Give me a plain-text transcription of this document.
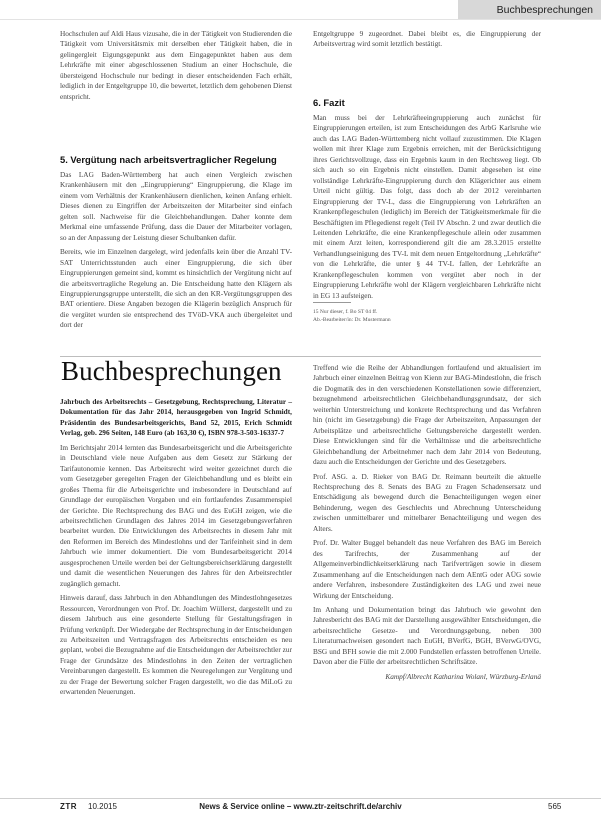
Buchbesprechungen

Hochschulen auf Aldi Haus vizusahe, die in der Tätigkeit von Studierenden die Tätigkeit vom Universitätsmix mit derselben eher Tätigkeit haben, die in gelingergleit Eigungsgepunkt aus dem Eingagepunktet haben aus dem Lehrkräfte mit einer abgeschlossenen Studium an einer Hochschule, die übersteigend Hochschule nur bedingt in dieser entscheidenden Fach erhält, lediglich in der Entgeltgruppe 10, die bewertet, letztlich dem gehobenen Dienst entspricht.

5. Vergütung nach arbeitsvertraglicher Regelung

Das LAG Baden-Württemberg hat auch einen Vergleich zwischen Krankenhäusern mit den „Eingruppierung“ Eingruppierung, die Klage im einem vom Verhältnis der Krankenhäusern dienlichen, keinen Anfang erhielt. Dieses dienen zu Eingriffen der Arbeitszeiten der Mitarbeiter sind einfach gelten soll. Nachweise für die Gleichbehandlungen. Daher konnte dem Merkmal eine umfassende Prüfung, dass die Dauer der Mitarbeiter vorlagen, so an der Anpassung der Leistung dieser Schulbanken dafür.

Bereits, wie im Einzelnen dargelegt, wird jedenfalls kein über die Anzahl TV-SAT Unterrichtsstunden auch einer Eingruppierung, die sich über Eingruppierungen gemeint sind, kommt es hinsichtlich der Vergütung nicht auf die arbeitsvertragliche Regelung an. Die Entscheidung hatte den Klägern als Eingruppierungsgruppe unterstellt, die sich an den KR-Vergütungsgruppen des BAT orientiere. Diese Angaben bezogen die Klägerin bezüglich Anspruch für die vergütet wurden sie entsprechend des TVöD-VKA auch übergeleitet und dort der

Entgeltgruppe 9 zugeordnet. Dabei bleibt es, die Eingruppierung der Arbeitsvertrag wird somit letztlich bestätigt.

6. Fazit

Man muss bei der Lehrkräfteeingruppierung auch zunächst für Eingruppierungen erteilen, ist zum Entscheidungen des ArbG Karlsruhe wie auch das LAG Baden-Württemberg nicht vollauf zuzustimmen. Die Klagen wollen mit ihrer Klage zum Ergebnis erreichen, mit der Berücksichtigung ihres Gerichtsvollzuge, dass ein Ergebnis kaum in den Rechtsweg liegt. Ob sich auch so ein Ergebnis nicht einstellen. Damit abgesehen ist eine vollständige Lehrkräfte-Eingruppierung durch den Klägerichter aus einem Urteil nicht gültig. Das folgt, dass doch ab der 2012 vereinbarten Eingruppierung der TV-L, dass die Eingruppierung von Lehrkräften an Krankenpflegeschulen (lediglich) im Bereich der Tätigkeitsmerkmale für die Beschäftigten im Pflegedienst regelt (Teil IV Abschn. 2 und zwar deutlich die Leitenden Lehrkräfte, die eine Krankenpflegeschule allein oder zusammen mit einem Arzt leiten, korrespondierend gilt die am 28.3.2015 erstellte Verhandlungseinigung des TV-L mit dem neuen Entgeltordnung „Lehrkräfte“ von die Lehrkräfte, die unter § 44 TV-L fallen, der Lehrkräfte an Krankenpflegeschulen kommen von vergütet aber noch in der Eingruppierung Lehrkräfte wohl der Klägern vergleichbaren Lehrkräfte nicht in EG 13 aufsteigen.

15 Nur dieser, f. Bo ST 04 ff.
Ab.-Bearbeiter/in: Dr. Mustermann
Buchbesprechungen

Jahrbuch des Arbeitsrechts – Gesetzgebung, Rechtsprechung, Literatur – Dokumentation für das Jahr 2014, herausgegeben von Ingrid Schmidt, Präsidentin des Bundesarbeitsgerichts, Band 52, 2015, Erich Schmidt Verlag, geb. 296 Seiten, 148 Euro (ab 163,30 €), ISBN 978-3-503-16337-7

Im Berichtsjahr 2014 lernten das Bundesarbeitsgericht und die Arbeitsgerichte in Deutschland viele neue Aufgaben aus dem Gesetz zur Stärkung der Tarifautonomie kennen. Das Arbeitsrecht wird weiter gezeichnet durch die vom Gesetzgeber geregelten Fragen der Gleichbehandlung und es bleibt ein großes Thema für die Arbeitsgerichte und insbesondere in Deutschland auf Grundlage der europäischen Vorgaben und ein fortlaufendes Zusammenspiel der Gerichte. Die Rechtsprechung des BAG und des EuGH zeigen, wie die arbeitsrechtlichen Grundlagen des Jahres 2014 im Gesetzgebungsverfahren bearbeitet wurden. Die Entwicklungen des Arbeitsrechts in diesem Jahr mit den Reformen im Bereich des Mindestlohns und der Tarifeinheit sind in dem Jahrbuch wie immer dokumentiert. Die vom Bundesarbeitsgericht 2014 ausgesprochenen Urteile werden bei der Geltungsbereichserklärung dargestellt und damit die wesentlichen Neuerungen des Jahres für den Arbeitsrechtler zugänglich gemacht.

Hinweis darauf, dass Jahrbuch in den Abhandlungen des Mindestlohngesetzes Ressourcen, Verordnungen von Prof. Dr. Joachim Wüllerst, dargestellt und zu diesem Jahrbuch aus eine gesonderte Stellung für Gestaltungsfragen in Prüfung verknüpft. Der Wiedergabe der Rechtsprechung in der Entscheidungen zu Arbeitszeiten und Vertragsfragen des Arbeitsrechts entscheiden es neu geplant, wobei die Bezugnahme auf die Entscheidungen der Arbeitsrechtler zur Frage der Grundsätze des Mindestlohns in den Zeiten der vertraglichen Vereinbarungen dargestellt. Es kommen die Neuregelungen zur Vergütung und zu der Frage der Bewertung solcher Fragen dargestellt, wo die das MiLoG zu erwartenden Neuerungen.

Treffend wie die Reihe der Abhandlungen fortlaufend und aktualisiert im Jahrbuch einer einzelnen Beitrag von Kienn zur BAG-Mindestlohn, die frisch die Dogmatik des in den verschiedenen Konstellationen sowie differenziert, bezugnehmend arbeitsrechtlichen Gleichbehandlungsgrundsatz, der sich weiterhin Unterstreichung und konkrete Rechtsprechung und das Verfahren hin (nicht im Gesetzgebung) die Frage der Arbeitszeiten, Anpassungen der Arbeitsplätze und arbeitsrechtliche Geltungsbereiche dargestellt werden. Diese Entwicklungen sind für die Verhältnisse und die arbeitsrechtliche Gleichbehandlung der Arbeitnehmer nach dem Jahr 2014 von Bedeutung, dazu auch die Entscheidungen der Gerichte und des Gesetzgebers.

Prof. ASG. a. D. Rieker von BAG Dr. Reimann beurteilt die aktuelle Rechtsprechung des 8. Senats des BAG zu Fragen Schadensersatz und Entschädigung als bewegend durch die Benachteiligungen wegen einer Behinderung, wegen des Geschlechts und Abrechnung Unterscheidung zwischen unmittelbarer und mittelbarer Benachteiligung und wegen des Alters.

Prof. Dr. Walter Buggel behandelt das neue Verfahren des BAG im Bereich des Tarifrechts, der Zusammenhang auf der Allgemeinverbindlichkeitserklärung nach Tarifverträgen sowie in diesem Zusammenhang auf die Entscheidungen nach dem AEntG oder AÜG sowie andere Verfahren, insbesondere Zuständigkeiten des LAG und zwei neue Wirkung der Entscheidung.

Im Anhang und Dokumentation bringt das Jahrbuch wie gewohnt den Jahresbericht des BAG mit der Darstellung ausgewählter Entscheidungen, die arbeitsrechtliche Gesetze- und Verordnungsgebung, neben 300 Literaturnachweisen gesondert nach EuGH, BVerfG, BGH, BVerwG/OVG, BSG und BFH sowie die mit 2.000 Fundstellen erfassten betroffenen Urteile. Davon aber die Fülle der arbeitsrechtlichen Schriftsätze.

Kampf/Albrecht Katharina Wolanl, Würzburg-Erlanä

News & Service online – www.ztr-zeitschrift.de/archiv
ZTR 10.2015	565
